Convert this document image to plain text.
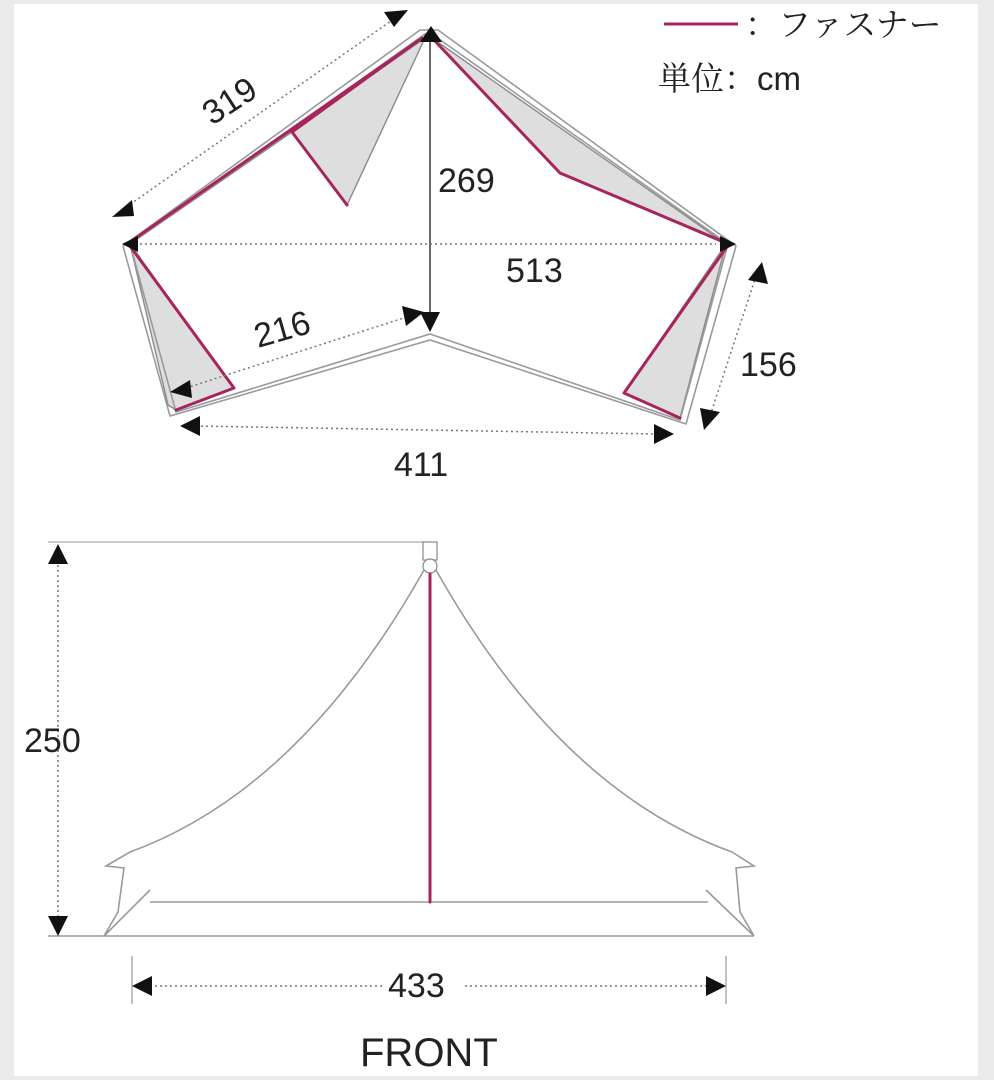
：ファスナー
単位：cm
319
269
513
216
156
411
250
433
FRONT
